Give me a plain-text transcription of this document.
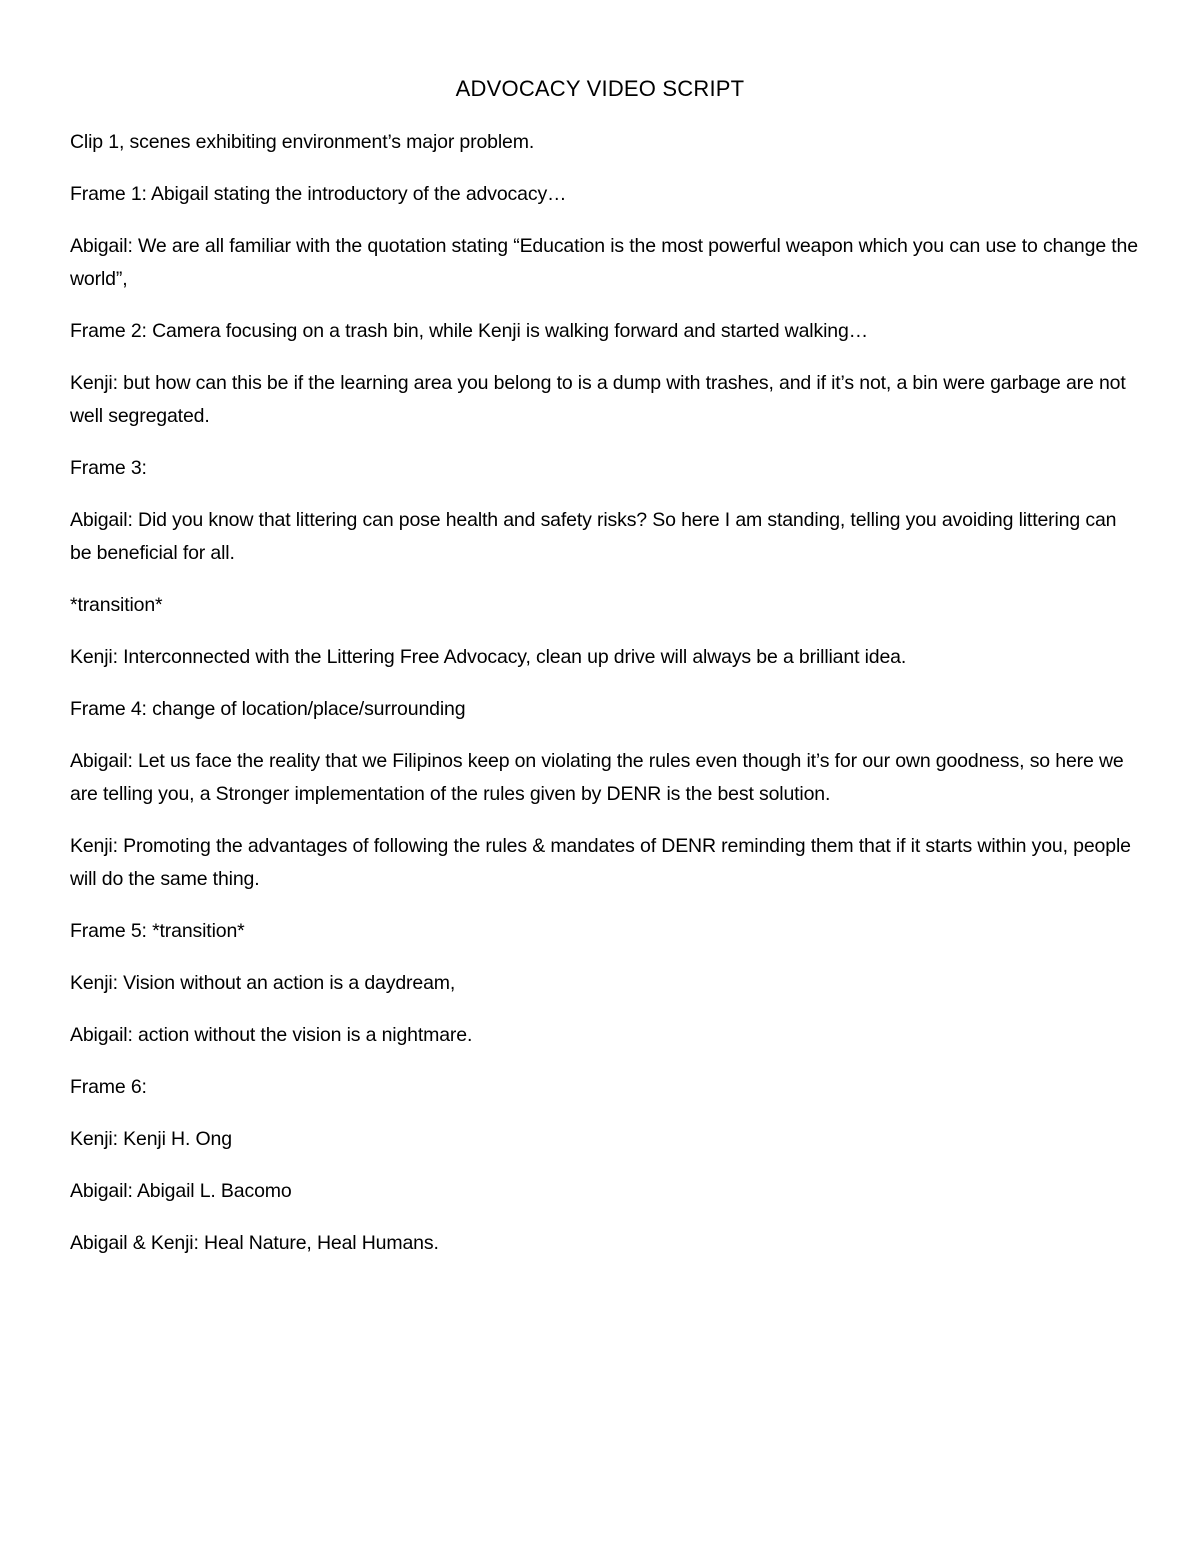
ADVOCACY VIDEO SCRIPT

Clip 1, scenes exhibiting environment’s major problem.

Frame 1: Abigail stating the introductory of the advocacy…

Abigail: We are all familiar with the quotation stating “Education is the most powerful weapon which you can use to change the world”,

Frame 2: Camera focusing on a trash bin, while Kenji is walking forward and started walking…

Kenji: but how can this be if the learning area you belong to is a dump with trashes, and if it’s not, a bin were garbage are not well segregated.

Frame 3:

Abigail: Did you know that littering can pose health and safety risks? So here I am standing, telling you avoiding littering can be beneficial for all.

*transition*

Kenji: Interconnected with the Littering Free Advocacy, clean up drive will always be a brilliant idea.

Frame 4: change of location/place/surrounding

Abigail: Let us face the reality that we Filipinos keep on violating the rules even though it’s for our own goodness, so here we are telling you, a Stronger implementation of the rules given by DENR is the best solution.

Kenji: Promoting the advantages of following the rules & mandates of DENR reminding them that if it starts within you, people will do the same thing.

Frame 5: *transition*

Kenji: Vision without an action is a daydream,

Abigail: action without the vision is a nightmare.

Frame 6:

Kenji: Kenji H. Ong

Abigail: Abigail L. Bacomo

Abigail & Kenji: Heal Nature, Heal Humans.
